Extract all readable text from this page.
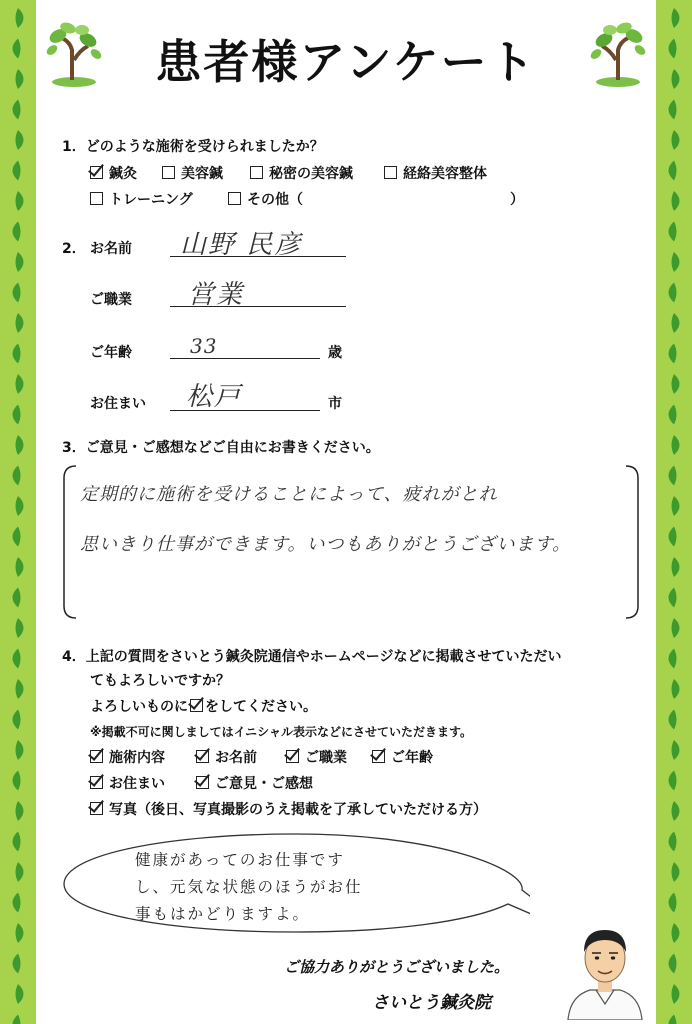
患者様アンケート
1．どのような施術を受けられましたか？
鍼灸	美容鍼	秘密の美容鍼	経絡美容整体
トレーニング	その他（	）
2． お名前 山野 民彦
ご職業 営業
ご年齢	33	歳
お住まい 松戸	市
3．ご意見・ご感想などご自由にお書きください。
定期的に施術を受けることによって、疲れがとれ
思いきり仕事ができます。いつもありがとうございます。
4．上記の質問をさいとう鍼灸院通信やホームページなどに掲載させていただい
てもよろしいですか？
よろしいものに をしてください。
※掲載不可に関しましてはイニシャル表示などにさせていただきます。
施術内容	お名前	ご職業	ご年齢
お住まい	ご意見・ご感想
写真（後日、写真撮影のうえ掲載を了承していただける方）
健康があってのお仕事です
し、元気な状態のほうがお仕
事もはかどりますよ。
ご協力ありがとうございました。
さいとう鍼灸院
